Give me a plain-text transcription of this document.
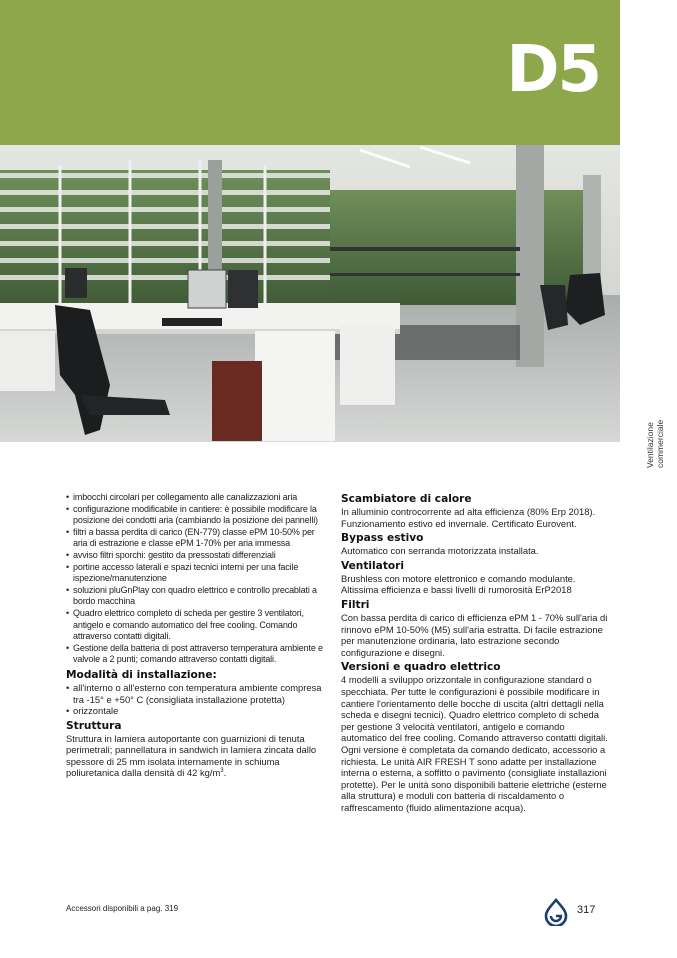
D5
Ventilazione commerciale
• imbocchi circolari per collegamento alle canalizzazioni aria
• configurazione modificabile in cantiere: è possibile modificare la posizione dei condotti aria (cambiando la posizione dei pannelli)
• filtri a bassa perdita di carico (EN-779) classe ePM 10-50% per aria di estrazione e classe ePM 1-70% per aria immessa
• avviso filtri sporchi: gestito da pressostati differenziali
• portine accesso laterali e spazi tecnici interni per una facile ispezione/manutenzione
• soluzioni pluGnPlay con quadro elettrico e controllo precablati a bordo macchina
• Quadro elettrico completo di scheda per gestire 3 ventilatori, antigelo e comando automatico del free cooling. Comando attraverso contatti digitali.
• Gestione della batteria di post attraverso temperatura ambiente e valvole a 2 punti; comando attraverso contatti digitali.
Modalità di installazione:
• all'interno o all'esterno con temperatura ambiente compresa tra -15° e +50° C (consigliata installazione protetta)
• orizzontale
Struttura

Struttura in lamiera autoportante con guarnizioni di tenuta perimetrali; pannellatura in sandwich in lamiera zincata dallo spessore di 25 mm isolata internamente in schiuma poliuretanica dalla densità di 42 $kg/m^3$.

Scambiatore di calore

In alluminio controcorrente ad alta efficienza (80% Erp 2018). Funzionamento estivo ed invernale. Certificato Eurovent.

Bypass estivo

Automatico con serranda motorizzata installata.

Ventilatori

Brushless con motore elettronico e comando modulante. Altissima efficienza e bassi livelli di rumorosità ErP2018

Filtri

Con bassa perdita di carico di efficienza ePM 1 - 70% sull'aria di rinnovo ePM 10-50% (M5) sull'aria estratta. Di facile estrazione per manutenzione ordinaria, lato estrazione secondo configurazione e disegni.

Versioni e quadro elettrico

4 modelli a sviluppo orizzontale in configurazione standard o specchiata. Per tutte le configurazioni è possibile modificare in cantiere l'orientamento delle bocche di uscita (altri dettagli nella scheda e disegni tecnici). Quadro elettrico completo di scheda per gestione 3 velocità ventilatori, antigelo e comando automatico del free cooling. Comando attraverso contatti digitali. Ogni versione è completata da comando dedicato, accessorio a richiesta. Le unità AIR FRESH T sono adatte per installazione interna o esterna, a soffitto o pavimento (consigliate installazioni protette). Per le unità sono disponibili batterie elettriche (esterne alla struttura) e moduli con batteria di riscaldamento o raffrescamento (fluido alimentazione acqua).

Accessori disponibili a pag. 319	317
